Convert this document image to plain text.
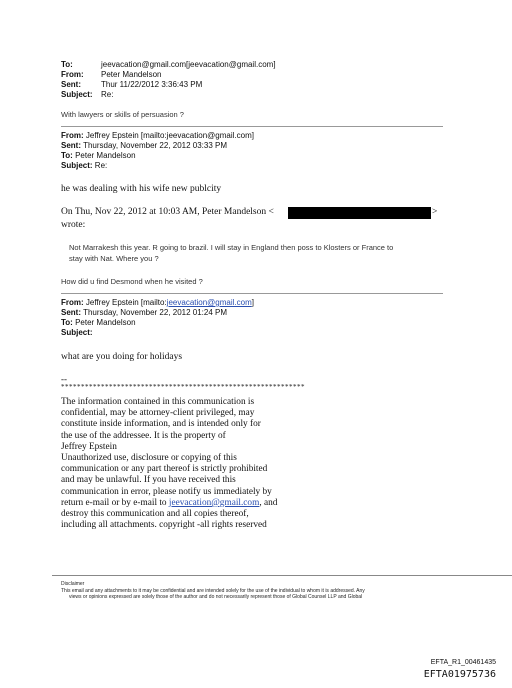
To:	jeevacation@gmail.com[jeevacation@gmail.com]
From:	Peter Mandelson
Sent:	Thur 11/22/2012 3:36:43 PM
Subject:	Re:
With lawyers or skills of persuasion ?
From: Jeffrey Epstein [mailto:jeevacation@gmail.com]
Sent: Thursday, November 22, 2012 03:33 PM
To: Peter Mandelson
Subject: Re:
he was dealing with his wife new publcity
On Thu, Nov 22, 2012 at 10:03 AM, Peter Mandelson <	>
wrote:
Not Marrakesh this year. R going to brazil. I will stay in England then poss to Klosters or France to
stay with Nat. Where you ?
How did u find Desmond when he visited ?
From: Jeffrey Epstein [mailto:jeevacation@gmail.com]
Sent: Thursday, November 22, 2012 01:24 PM
To: Peter Mandelson
Subject:
what are you doing for holidays
--
*************************************************************
The information contained in this communication is
confidential, may be attorney-client privileged, may
constitute inside information, and is intended only for
the use of the addressee. It is the property of
Jeffrey Epstein
Unauthorized use, disclosure or copying of this
communication or any part thereof is strictly prohibited
and may be unlawful. If you have received this
communication in error, please notify us immediately by
return e-mail or by e-mail to jeevacation@gmail.com, and
destroy this communication and all copies thereof,
including all attachments. copyright -all rights reserved
Disclaimer
This email and any attachments to it may be confidential and are intended solely for the use of the individual to whom it is addressed. Any
views or opinions expressed are solely those of the author and do not necessarily represent those of Global Counsel LLP and Global
EFTA_R1_00461435
EFTA01975736
